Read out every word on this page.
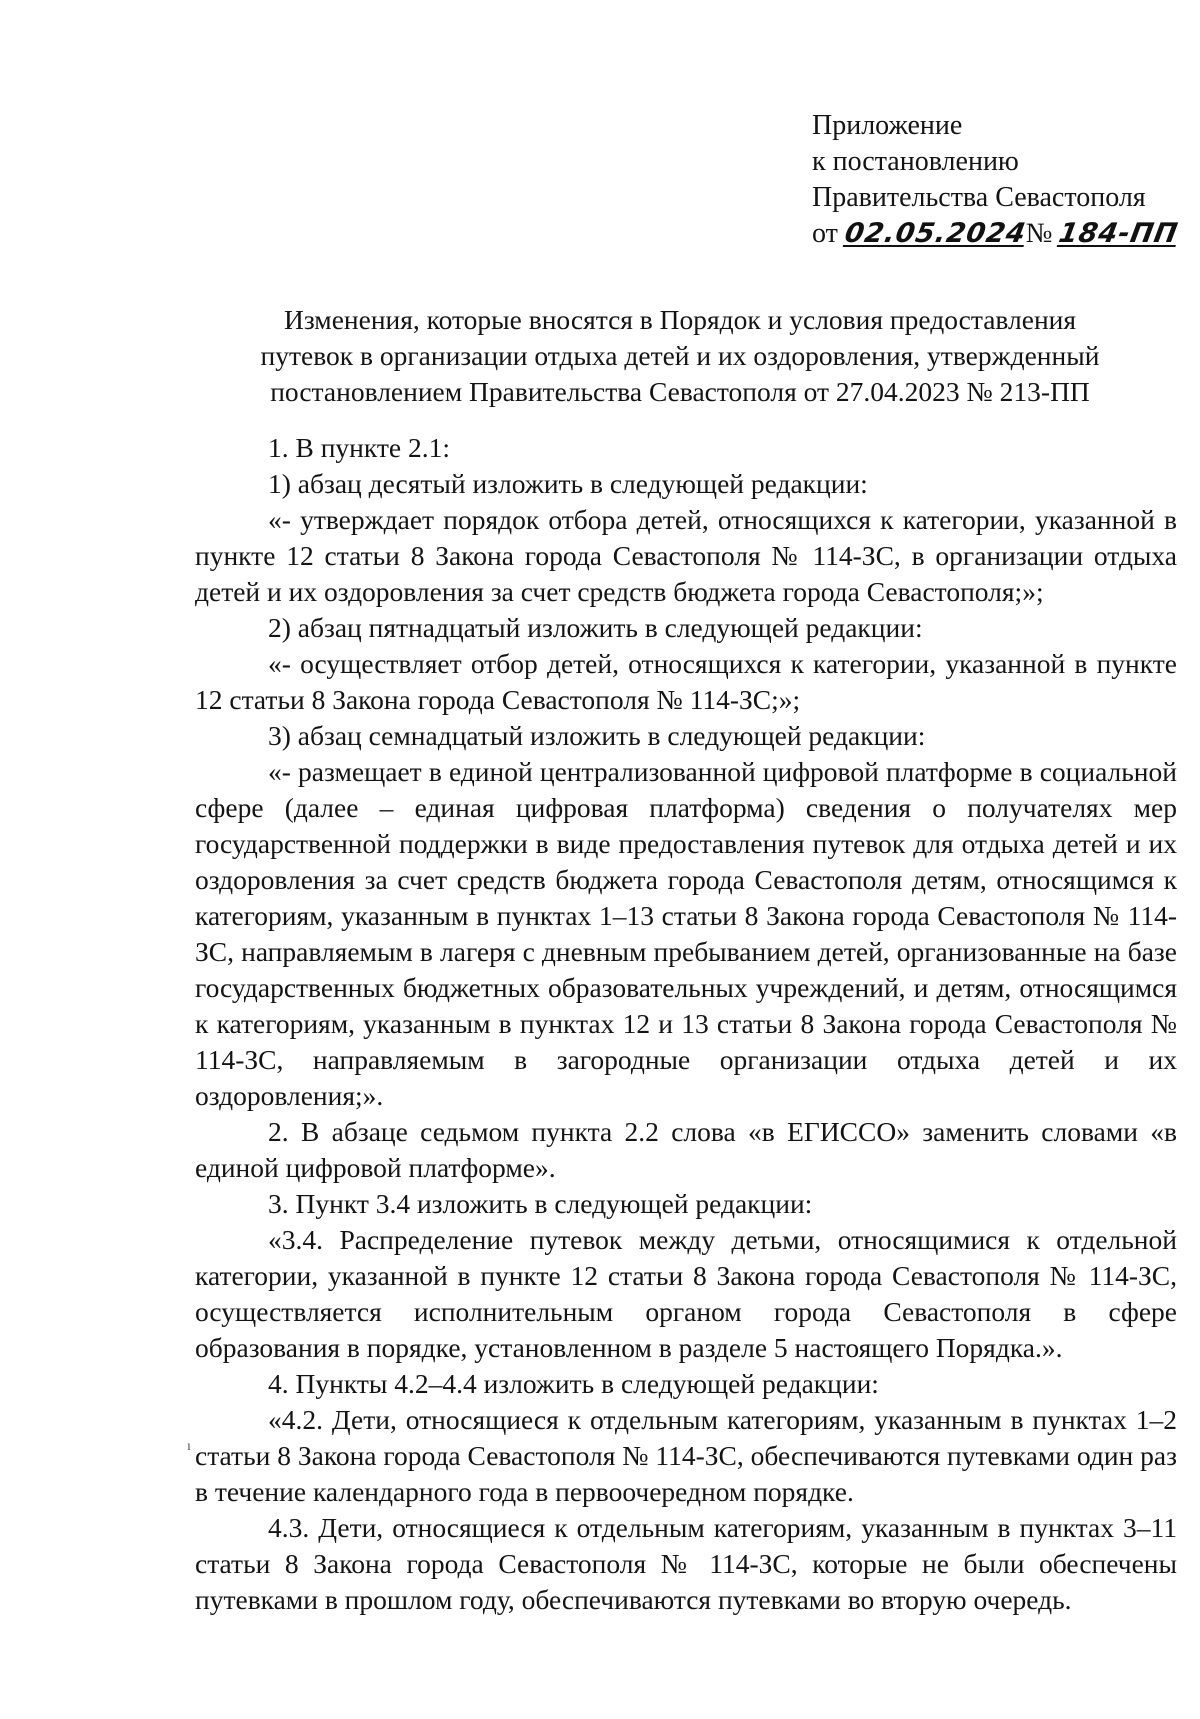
Приложение
к постановлению
Правительства Севастополя
от 02.05.2024№ 184-ПП
Изменения, которые вносятся в Порядок и условия предоставления
путевок в организации отдыха детей и их оздоровления, утвержденный
постановлением Правительства Севастополя от 27.04.2023 № 213-ПП

1. В пункте 2.1:

1) абзац десятый изложить в следующей редакции:

«- утверждает порядок отбора детей, относящихся к категории, указанной в пункте 12 статьи 8 Закона города Севастополя № 114-ЗС, в организации отдыха детей и их оздоровления за счет средств бюджета города Севастополя;»;

2) абзац пятнадцатый изложить в следующей редакции:

«- осуществляет отбор детей, относящихся к категории, указанной в пункте 12 статьи 8 Закона города Севастополя № 114-ЗС;»;

3) абзац семнадцатый изложить в следующей редакции:

«- размещает в единой централизованной цифровой платформе в социальной сфере (далее – единая цифровая платформа) сведения о получателях мер государственной поддержки в виде предоставления путевок для отдыха детей и их оздоровления за счет средств бюджета города Севастополя детям, относящимся к категориям, указанным в пунктах 1–13 статьи 8 Закона города Севастополя № 114-ЗС, направляемым в лагеря с дневным пребыванием детей, организованные на базе государственных бюджетных образовательных учреждений, и детям, относящимся к категориям, указанным в пунктах 12 и 13 статьи 8 Закона города Севастополя № 114-ЗС, направляемым в загородные организации отдыха детей и их оздоровления;».

2. В абзаце седьмом пункта 2.2 слова «в ЕГИССО» заменить словами «в единой цифровой платформе».

3. Пункт 3.4 изложить в следующей редакции:

«3.4. Распределение путевок между детьми, относящимися к отдельной категории, указанной в пункте 12 статьи 8 Закона города Севастополя № 114-ЗС, осуществляется исполнительным органом города Севастополя в сфере образования в порядке, установленном в разделе 5 настоящего Порядка.».

4. Пункты 4.2–4.4 изложить в следующей редакции:

«4.2. Дети, относящиеся к отдельным категориям, указанным в пунктах 1–2 статьи 8 Закона города Севастополя № 114-ЗС, обеспечиваются путевками один раз в течение календарного года в первоочередном порядке.

4.3. Дети, относящиеся к отдельным категориям, указанным в пунктах 3–11 статьи 8 Закона города Севастополя № 114-ЗС, которые не были обеспечены путевками в прошлом году, обеспечиваются путевками во вторую очередь.

ı
